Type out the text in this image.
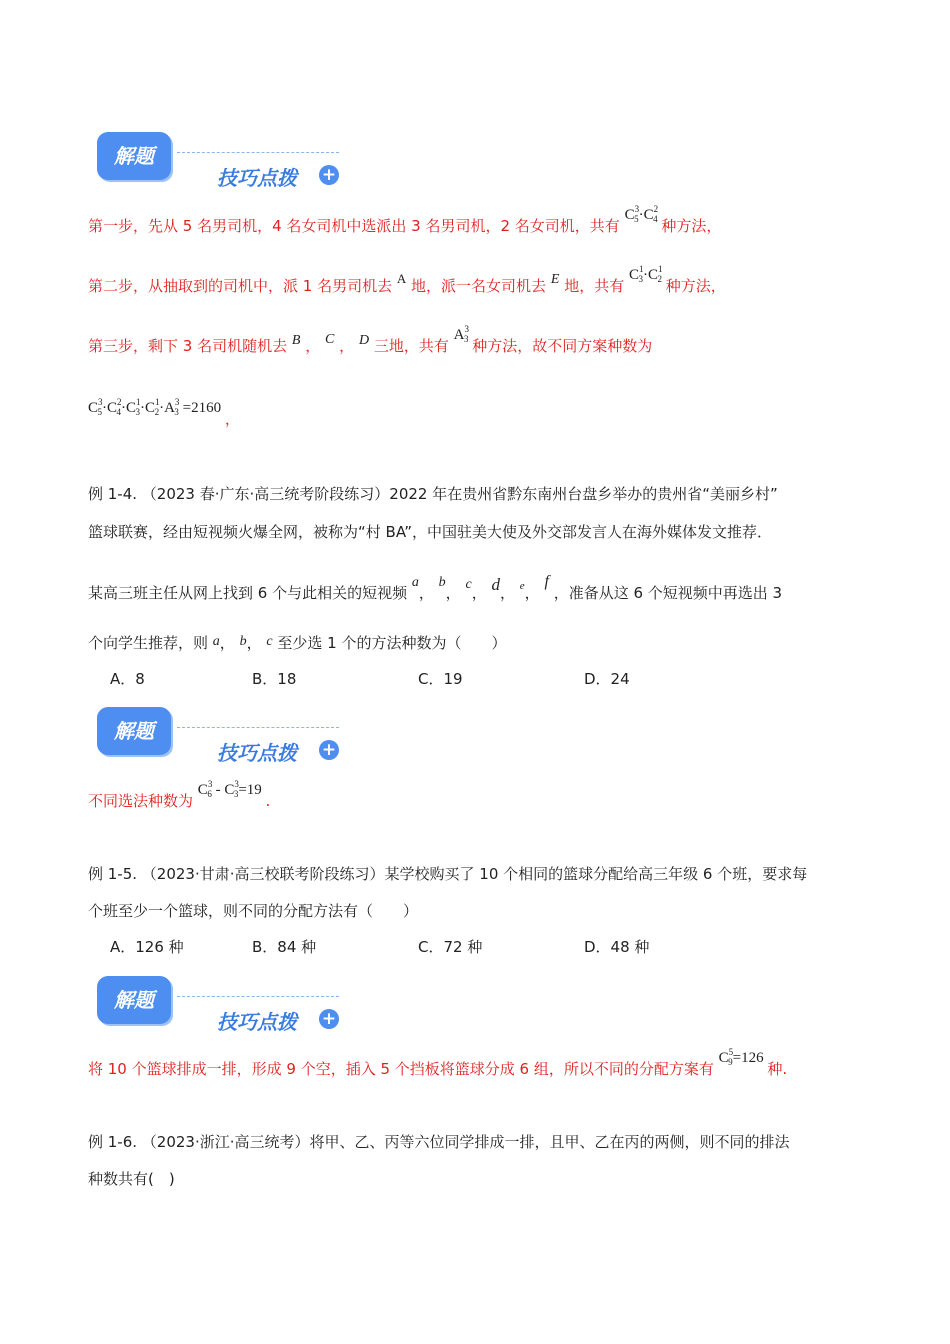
解题
技巧点拨 +
第一步，先从 5 名男司机，4 名女司机中选派出 3 名男司机，2 名女司机，共有 $C^3_5\cdot C^2_4$ 种方法，
第二步，从抽取到的司机中，派 1 名男司机去 A 地，派一名女司机去 E 地，共有 $C^1_3\cdot C^1_2$ 种方法，
第三步，剩下 3 名司机随机去 B ， C ， D 三地，共有 $A^3_3$ 种方法，故不同方案种数为
$C^3_5\cdot C^2_4\cdot C^1_3\cdot C^1_2\cdot A^3_3 =2160$ ，
例 1-4. （2023 春·广东·高三统考阶段练习）2022 年在贵州省黔东南州台盘乡举办的贵州省“美丽乡村”
篮球联赛，经由短视频火爆全网，被称为“村 BA”，中国驻美大使及外交部发言人在海外媒体发文推荐．
某高三班主任从网上找到 6 个与此相关的短视频 a， b， c， d， $^e$， f ，准备从这 6 个短视频中再选出 3
个向学生推荐，则 a， b， c 至少选 1 个的方法种数为（　　）
A．8	B．18	C．19	D．24
解题
技巧点拨 +
不同选法种数为 $C^3_6 - C^3_3=19$ .
例 1-5. （2023·甘肃·高三校联考阶段练习）某学校购买了 10 个相同的篮球分配给高三年级 6 个班，要求每
个班至少一个篮球，则不同的分配方法有（　　）
A．126 种	B．84 种	C．72 种	D．48 种
解题
技巧点拨 +
将 10 个篮球排成一排，形成 9 个空，插入 5 个挡板将篮球分成 6 组，所以不同的分配方案有 $C^5_9=126$ 种.
例 1-6. （2023·浙江·高三统考）将甲、乙、丙等六位同学排成一排，且甲、乙在丙的两侧，则不同的排法
种数共有(　)
